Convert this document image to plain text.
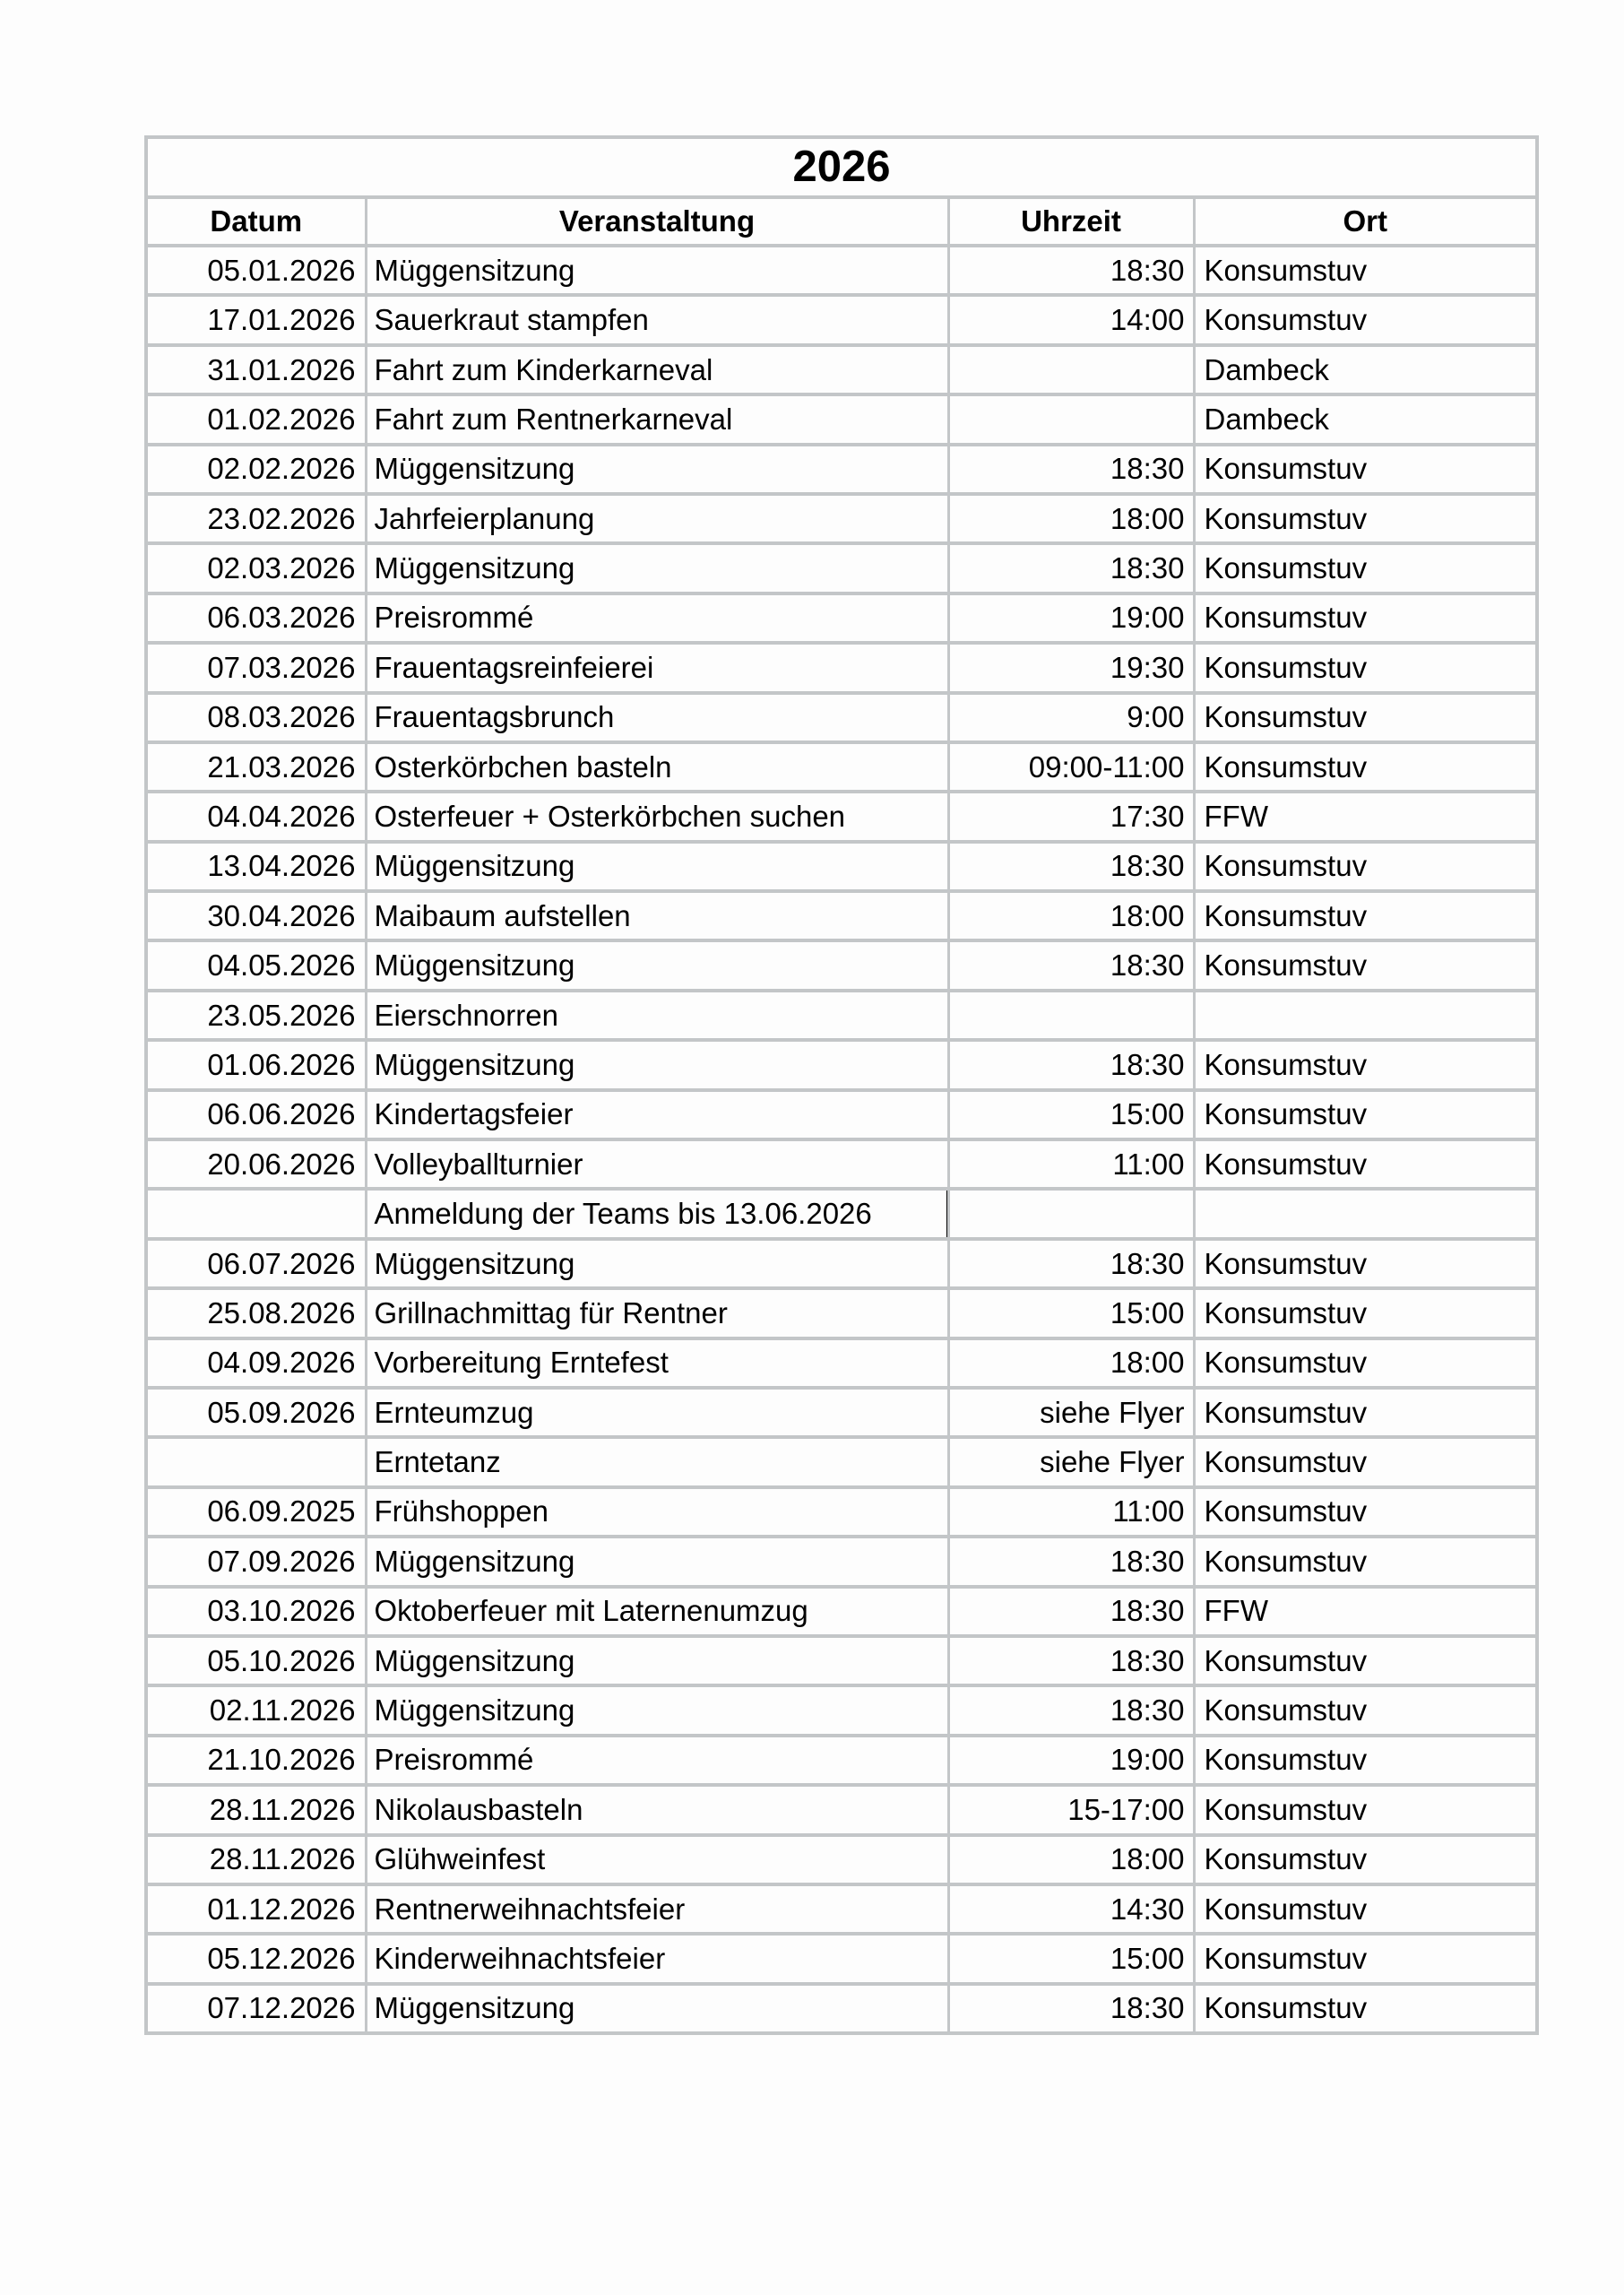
2026			
Datum	Veranstaltung	Uhrzeit	Ort
05.01.2026	Müggensitzung	18:30	Konsumstuv
17.01.2026	Sauerkraut stampfen	14:00	Konsumstuv
31.01.2026	Fahrt zum Kinderkarneval		Dambeck
01.02.2026	Fahrt zum Rentnerkarneval		Dambeck
02.02.2026	Müggensitzung	18:30	Konsumstuv
23.02.2026	Jahrfeierplanung	18:00	Konsumstuv
02.03.2026	Müggensitzung	18:30	Konsumstuv
06.03.2026	Preisrommé	19:00	Konsumstuv
07.03.2026	Frauentagsreinfeierei	19:30	Konsumstuv
08.03.2026	Frauentagsbrunch	9:00	Konsumstuv
21.03.2026	Osterkörbchen basteln	09:00-11:00	Konsumstuv
04.04.2026	Osterfeuer + Osterkörbchen suchen	17:30	FFW
13.04.2026	Müggensitzung	18:30	Konsumstuv
30.04.2026	Maibaum aufstellen	18:00	Konsumstuv
04.05.2026	Müggensitzung	18:30	Konsumstuv
23.05.2026	Eierschnorren		
01.06.2026	Müggensitzung	18:30	Konsumstuv
06.06.2026	Kindertagsfeier	15:00	Konsumstuv
20.06.2026	Volleyballturnier	11:00	Konsumstuv
	Anmeldung der Teams bis 13.06.2026

06.07.2026	Müggensitzung	18:30	Konsumstuv
25.08.2026	Grillnachmittag für Rentner	15:00	Konsumstuv
04.09.2026	Vorbereitung Erntefest	18:00	Konsumstuv
05.09.2026	Ernteumzug	siehe Flyer	Konsumstuv
	Erntetanz	siehe Flyer	Konsumstuv
06.09.2025	Frühshoppen	11:00	Konsumstuv
07.09.2026	Müggensitzung	18:30	Konsumstuv
03.10.2026	Oktoberfeuer mit Laternenumzug	18:30	FFW
05.10.2026	Müggensitzung	18:30	Konsumstuv
02.11.2026	Müggensitzung	18:30	Konsumstuv
21.10.2026	Preisrommé	19:00	Konsumstuv
28.11.2026	Nikolausbasteln	15-17:00	Konsumstuv
28.11.2026	Glühweinfest	18:00	Konsumstuv
01.12.2026	Rentnerweihnachtsfeier	14:30	Konsumstuv
05.12.2026	Kinderweihnachtsfeier	15:00	Konsumstuv
07.12.2026	Müggensitzung	18:30	Konsumstuv
